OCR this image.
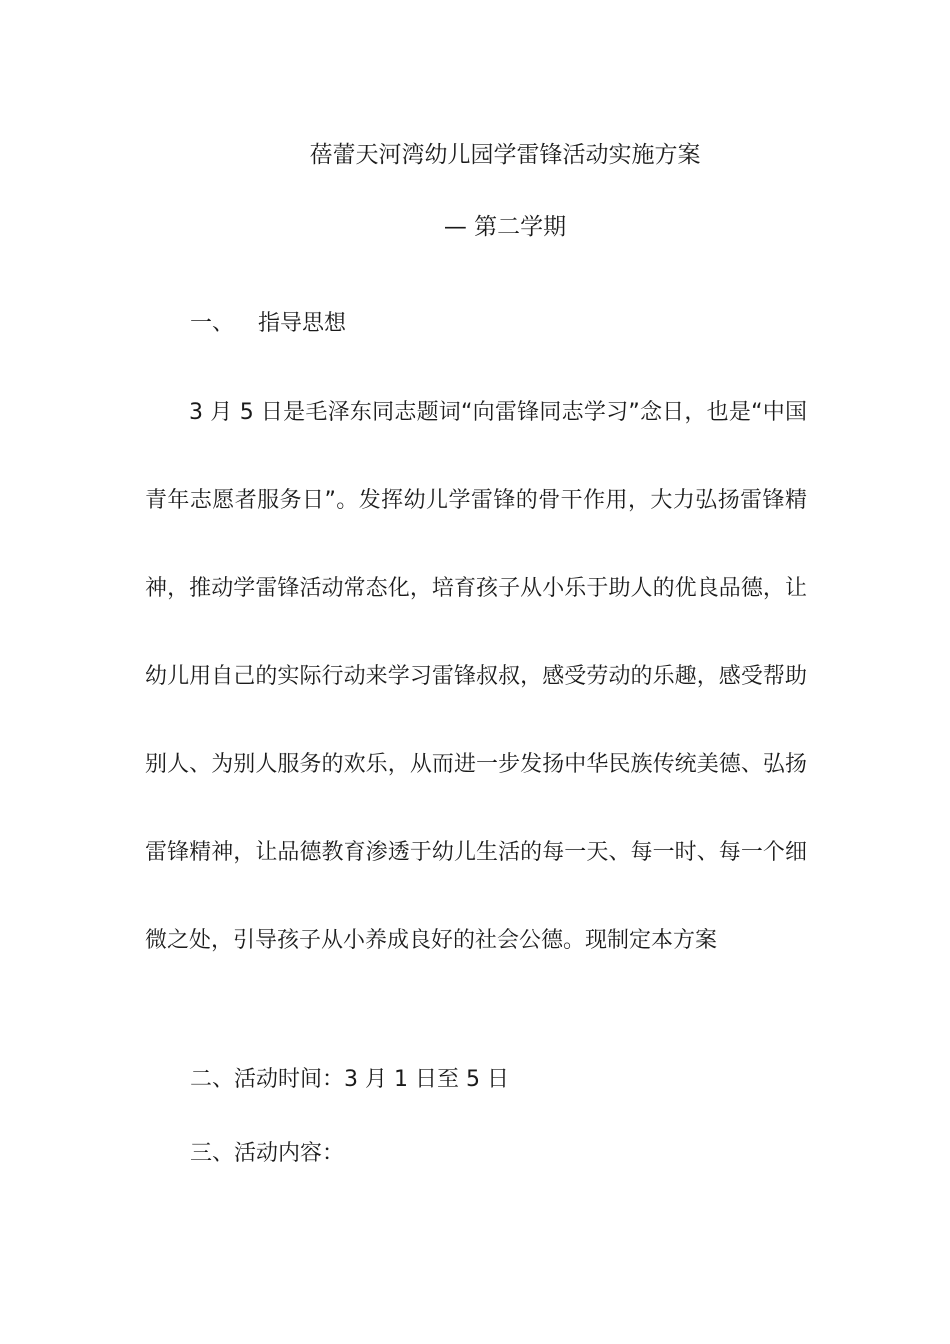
蓓蕾天河湾幼儿园学雷锋活动实施方案
— 第二学期
一、 指导思想

3 月 5 日是毛泽东同志题词“向雷锋同志学习”念日，也是“中国青年志愿者服务日”。发挥幼儿学雷锋的骨干作用，大力弘扬雷锋精神，推动学雷锋活动常态化，培育孩子从小乐于助人的优良品德，让幼儿用自己的实际行动来学习雷锋叔叔，感受劳动的乐趣，感受帮助别人、为别人服务的欢乐，从而进一步发扬中华民族传统美德、弘扬雷锋精神，让品德教育渗透于幼儿生活的每一天、每一时、每一个细微之处，引导孩子从小养成良好的社会公德。现制定本方案

二、活动时间：3 月 1 日至 5 日
三、活动内容：
